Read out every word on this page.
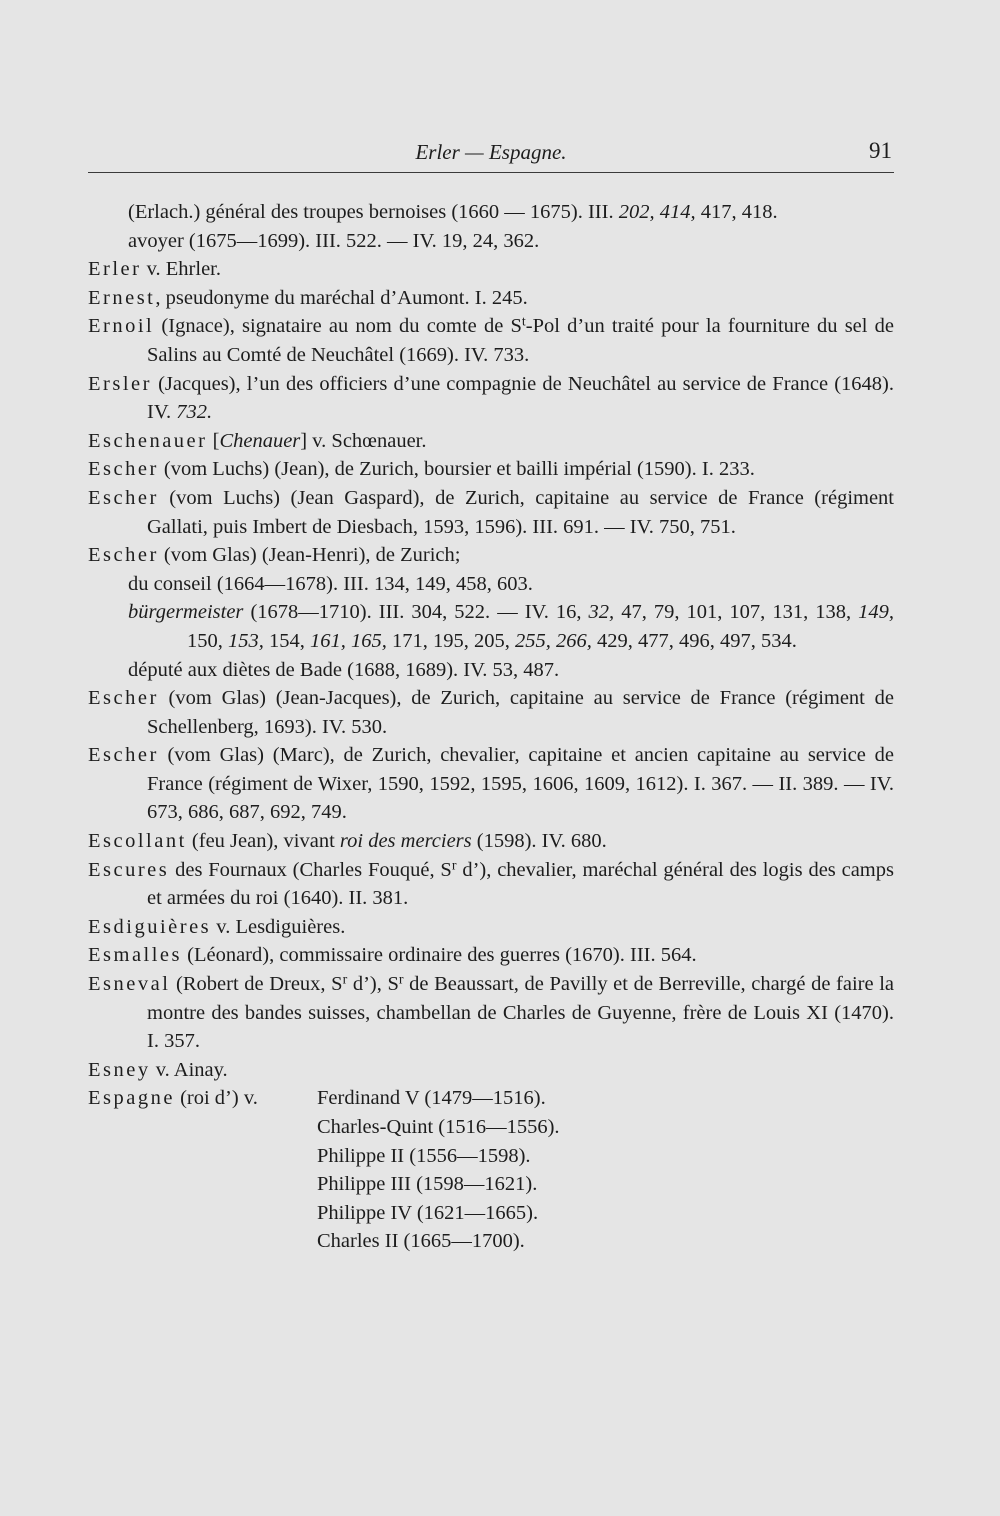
Erler — Espagne.	91
(Erlach.) général des troupes bernoises (1660 — 1675). III. 202, 414, 417, 418.
avoyer (1675—1699). III. 522. — IV. 19, 24, 362.
Erler v. Ehrler.
Ernest, pseudonyme du maréchal d’Aumont. I. 245.
Ernoil (Ignace), signataire au nom du comte de $S^t$-Pol d’un traité pour la fourniture du sel de Salins au Comté de Neuchâtel (1669). IV. 733.
Ersler (Jacques), l’un des officiers d’une compagnie de Neuchâtel au service de France (1648). IV. 732.
Eschenauer [Chenauer] v. Schœnauer.
Escher (vom Luchs) (Jean), de Zurich, boursier et bailli impérial (1590). I. 233.
Escher (vom Luchs) (Jean Gaspard), de Zurich, capitaine au service de France (régiment Gallati, puis Imbert de Diesbach, 1593, 1596). III. 691. — IV. 750, 751.
Escher (vom Glas) (Jean-Henri), de Zurich;
du conseil (1664—1678). III. 134, 149, 458, 603.
bürgermeister (1678—1710). III. 304, 522. — IV. 16, 32, 47, 79, 101, 107, 131, 138, 149, 150, 153, 154, 161, 165, 171, 195, 205, 255, 266, 429, 477, 496, 497, 534.
député aux diètes de Bade (1688, 1689). IV. 53, 487.
Escher (vom Glas) (Jean-Jacques), de Zurich, capitaine au service de France (régiment de Schellenberg, 1693). IV. 530.
Escher (vom Glas) (Marc), de Zurich, chevalier, capitaine et ancien capitaine au service de France (régiment de Wixer, 1590, 1592, 1595, 1606, 1609, 1612). I. 367. — II. 389. — IV. 673, 686, 687, 692, 749.
Escollant (feu Jean), vivant roi des merciers (1598). IV. 680.
Escures des Fournaux (Charles Fouqué, $S^r$ d’), chevalier, maréchal général des logis des camps et armées du roi (1640). II. 381.
Esdiguières v. Lesdiguières.
Esmalles (Léonard), commissaire ordinaire des guerres (1670). III. 564.
Esneval (Robert de Dreux, $S^r$ d’), $S^r$ de Beaussart, de Pavilly et de Berreville, chargé de faire la montre des bandes suisses, chambellan de Charles de Guyenne, frère de Louis XI (1470). I. 357.
Esney v. Ainay.
Espagne (roi d’) v.	Ferdinand V (1479—1516).
Charles-Quint (1516—1556).
Philippe II (1556—1598).
Philippe III (1598—1621).
Philippe IV (1621—1665).
Charles II (1665—1700).
